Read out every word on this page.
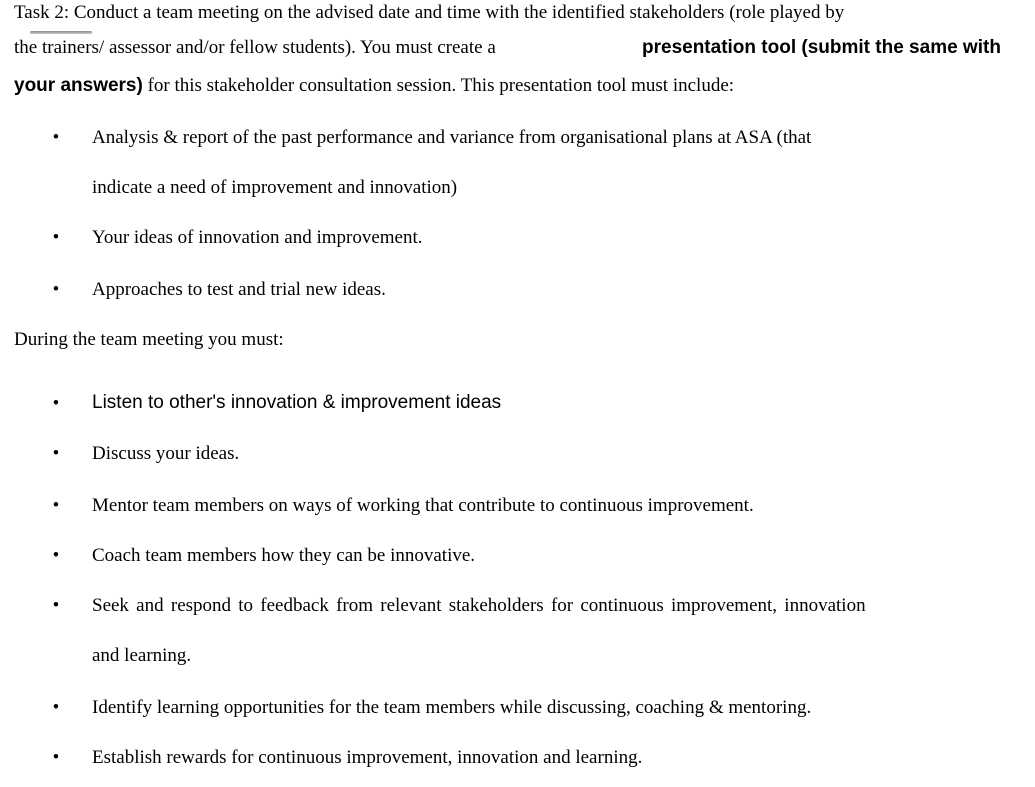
Task 2: Conduct a team meeting on the advised date and time with the identified stakeholders (role played by
the trainers/ assessor and/or fellow students). You must create a	presentation tool (submit the same with
your answers) for this stakeholder consultation session. This presentation tool must include:
• Analysis & report of the past performance and variance from organisational plans at ASA (that
indicate a need of improvement and innovation)
• Your ideas of innovation and improvement.
• Approaches to test and trial new ideas.
During the team meeting you must:
• Listen to other's innovation & improvement ideas
• Discuss your ideas.
• Mentor team members on ways of working that contribute to continuous improvement.
• Coach team members how they can be innovative.
• Seek and respond to feedback from relevant stakeholders for continuous improvement, innovation
and learning.
• Identify learning opportunities for the team members while discussing, coaching & mentoring.
• Establish rewards for continuous improvement, innovation and learning.
